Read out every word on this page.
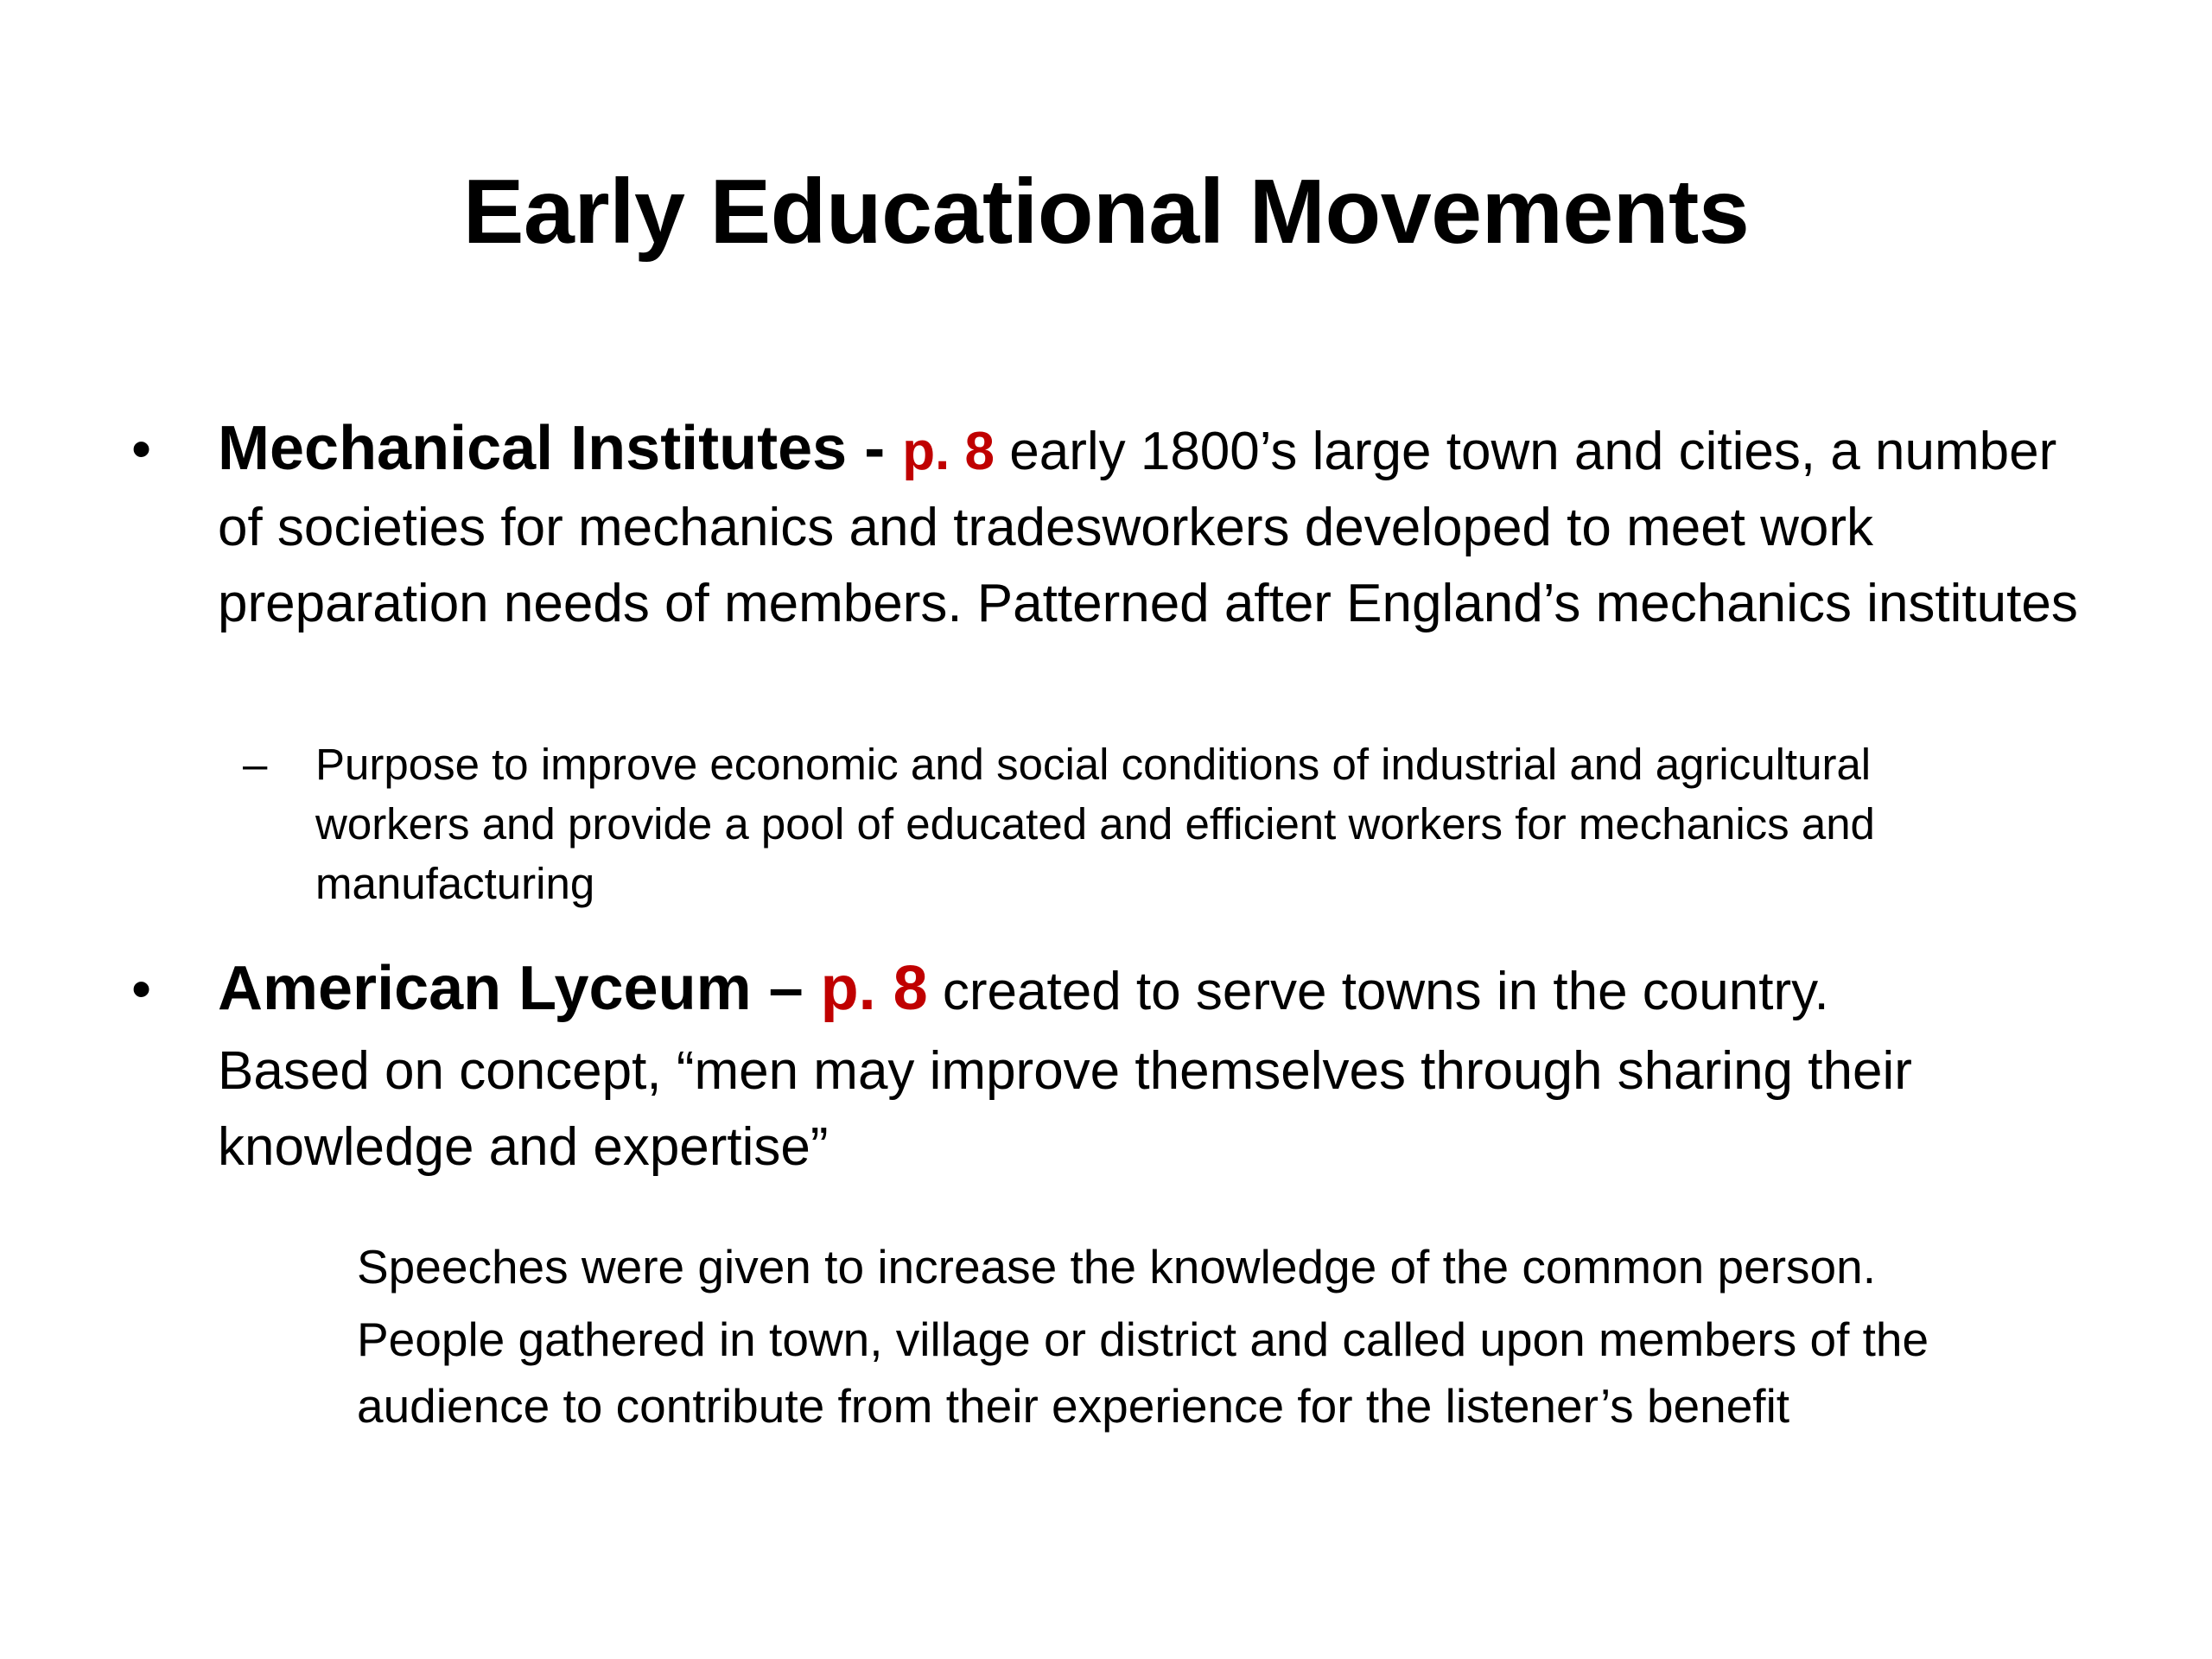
Early Educational Movements
• Mechanical Institutes - p. 8 early 1800’s large town and cities, a number of societies for mechanics and tradesworkers developed to meet work preparation needs of members. Patterned after England’s mechanics institutes
– Purpose to improve economic and social conditions of industrial and agricultural workers and provide a pool of educated and efficient workers for mechanics and manufacturing
• American Lyceum – p. 8 created to serve towns in the country.
Based on concept, “men may improve themselves through sharing their knowledge and expertise”
Speeches were given to increase the knowledge of the common person.
People gathered in town, village or district and called upon members of the audience to contribute from their experience for the listener’s benefit
